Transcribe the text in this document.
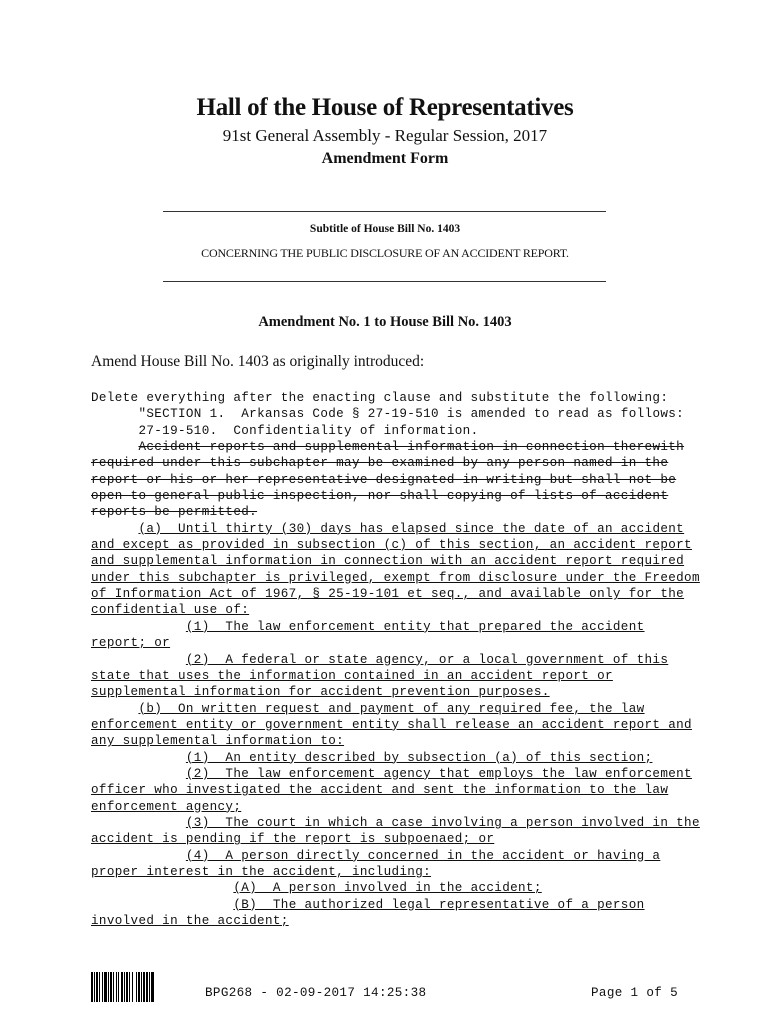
Hall of the House of Representatives
91st General Assembly - Regular Session, 2017
Amendment Form
Subtitle of House Bill No. 1403
CONCERNING THE PUBLIC DISCLOSURE OF AN ACCIDENT REPORT.
Amendment No. 1 to House Bill No. 1403
Amend House Bill No. 1403 as originally introduced:
Delete everything after the enacting clause and substitute the following:
"SECTION 1.  Arkansas Code § 27-19-510 is amended to read as follows:
27-19-510.  Confidentiality of information.
Accident reports and supplemental information in connection therewith
required under this subchapter may be examined by any person named in the
report or his or her representative designated in writing but shall not be
open to general public inspection, nor shall copying of lists of accident
reports be permitted.
(a)  Until thirty (30) days has elapsed since the date of an accident
and except as provided in subsection (c) of this section, an accident report
and supplemental information in connection with an accident report required
under this subchapter is privileged, exempt from disclosure under the Freedom
of Information Act of 1967, § 25-19-101 et seq., and available only for the
confidential use of:
(1)  The law enforcement entity that prepared the accident
report; or
(2)  A federal or state agency, or a local government of this
state that uses the information contained in an accident report or
supplemental information for accident prevention purposes.
(b)  On written request and payment of any required fee, the law
enforcement entity or government entity shall release an accident report and
any supplemental information to:
(1)  An entity described by subsection (a) of this section;
(2)  The law enforcement agency that employs the law enforcement
officer who investigated the accident and sent the information to the law
enforcement agency;
(3)  The court in which a case involving a person involved in the
accident is pending if the report is subpoenaed; or
(4)  A person directly concerned in the accident or having a
proper interest in the accident, including:
(A)  A person involved in the accident;
(B)  The authorized legal representative of a person
involved in the accident;
BPG268 - 02-09-2017 14:25:38	Page 1 of 5
